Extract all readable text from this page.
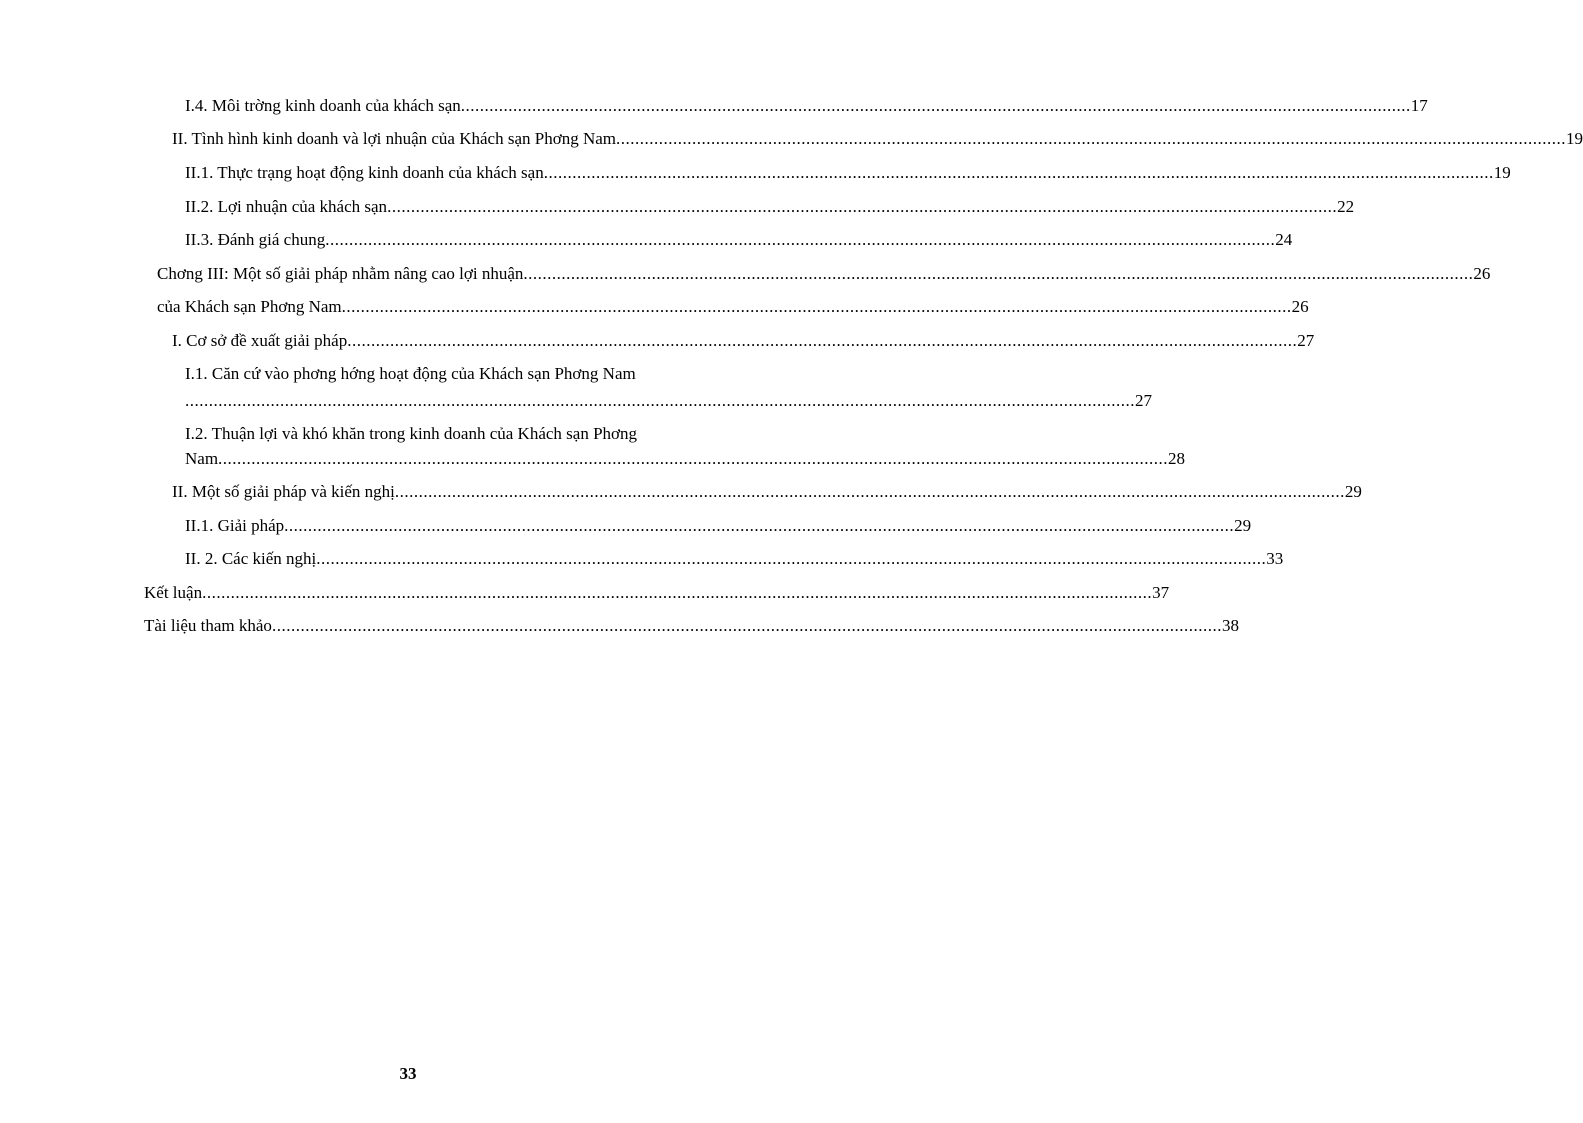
I.4. Môi trờng kinh doanh của khách sạn ........................................................................................................................................................................................................ 17
II. Tình hình kinh doanh và lợi nhuận của Khách sạn Phơng Nam ........................................................................................................................................................................................................ 19
II.1. Thực trạng hoạt động kinh doanh của khách sạn ........................................................................................................................................................................................................ 19
II.2. Lợi nhuận của khách sạn ........................................................................................................................................................................................................ 22
II.3. Đánh giá chung ........................................................................................................................................................................................................ 24
Chơng III: Một số giải pháp nhằm nâng cao lợi nhuận ........................................................................................................................................................................................................ 26
của Khách sạn Phơng Nam ........................................................................................................................................................................................................ 26
I. Cơ sở đề xuất giải pháp ........................................................................................................................................................................................................ 27
I.1. Căn cứ vào phơng hớng hoạt động của Khách sạn Phơng Nam
........................................................................................................................................................................................................ 27
I.2. Thuận lợi và khó khăn trong kinh doanh của Khách sạn Phơng
Nam ........................................................................................................................................................................................................ 28
II. Một số giải pháp và kiến nghị ........................................................................................................................................................................................................ 29
II.1. Giải pháp ........................................................................................................................................................................................................ 29
II. 2. Các kiến nghị ........................................................................................................................................................................................................ 33
Kết luận ........................................................................................................................................................................................................ 37
Tài liệu tham khảo ........................................................................................................................................................................................................ 38
33
